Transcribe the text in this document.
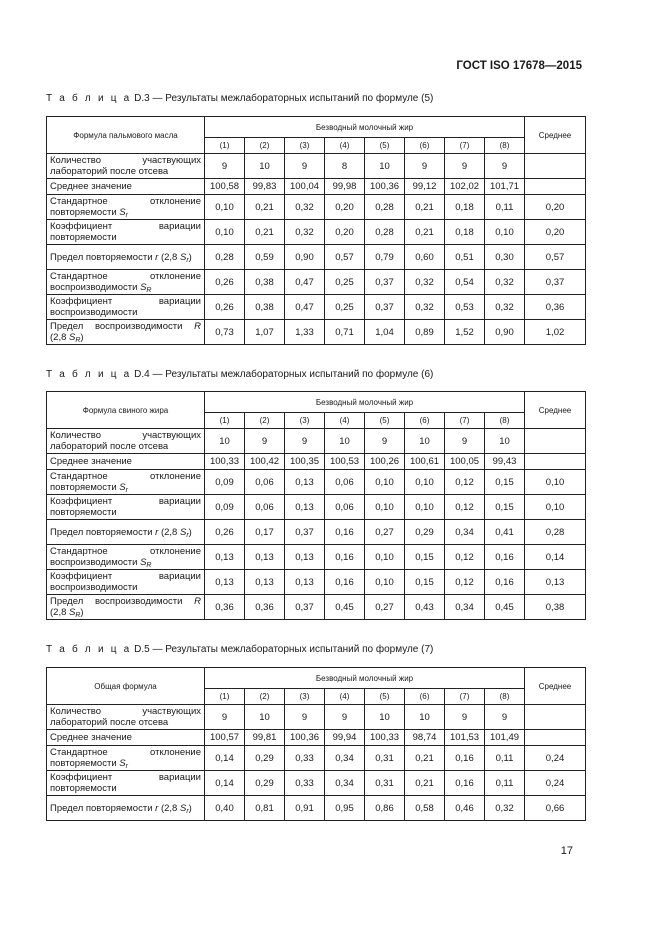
ГОСТ ISO 17678—2015
Т а б л и ц а D.3 — Результаты межлабораторных испытаний по формуле (5)
Формула пальмового масла	Безводный молочный жир								Среднее
	(1)	(2)	(3)	(4)	(5)	(6)	(7)	(8)	
Количество участвующих лабораторий после отсева	9	10	9	8	10	9	9	9	
Среднее значение	100,58	99,83	100,04	99,98	100,36	99,12	102,02	101,71	
Стандартное отклонение повторяемости $S_r$	0,10	0,21	0,32	0,20	0,28	0,21	0,18	0,11	0,20
Коэффициент вариации повторяемости	0,10	0,21	0,32	0,20	0,28	0,21	0,18	0,10	0,20
Предел повторяемости r (2,8 $S_r$)	0,28	0,59	0,90	0,57	0,79	0,60	0,51	0,30	0,57
Стандартное отклонение воспроизводимости $S_R$	0,26	0,38	0,47	0,25	0,37	0,32	0,54	0,32	0,37
Коэффициент вариации воспроизводимости	0,26	0,38	0,47	0,25	0,37	0,32	0,53	0,32	0,36
Предел воспроизводимости R (2,8 $S_R$)	0,73	1,07	1,33	0,71	1,04	0,89	1,52	0,90	1,02
Т а б л и ц а D.4 — Результаты межлабораторных испытаний по формуле (6)
Формула свиного жира	Безводный молочный жир								Среднее
	(1)	(2)	(3)	(4)	(5)	(6)	(7)	(8)	
Количество участвующих лабораторий после отсева	10	9	9	10	9	10	9	10	
Среднее значение	100,33	100,42	100,35	100,53	100,26	100,61	100,05	99,43	
Стандартное отклонение повторяемости $S_r$	0,09	0,06	0,13	0,06	0,10	0,10	0,12	0,15	0,10
Коэффициент вариации повторяемости	0,09	0,06	0,13	0,06	0,10	0,10	0,12	0,15	0,10
Предел повторяемости r (2,8 $S_r$)	0,26	0,17	0,37	0,16	0,27	0,29	0,34	0,41	0,28
Стандартное отклонение воспроизводимости $S_R$	0,13	0,13	0,13	0,16	0,10	0,15	0,12	0,16	0,14
Коэффициент вариации воспроизводимости	0,13	0,13	0,13	0,16	0,10	0,15	0,12	0,16	0,13
Предел воспроизводимости R (2,8 $S_R$)	0,36	0,36	0,37	0,45	0,27	0,43	0,34	0,45	0,38
Т а б л и ц а D.5 — Результаты межлабораторных испытаний по формуле (7)
Общая формула	Безводный молочный жир								Среднее
	(1)	(2)	(3)	(4)	(5)	(6)	(7)	(8)	
Количество участвующих лабораторий после отсева	9	10	9	9	10	10	9	9	
Среднее значение	100,57	99,81	100,36	99,94	100,33	98,74	101,53	101,49	
Стандартное отклонение повторяемости $S_r$	0,14	0,29	0,33	0,34	0,31	0,21	0,16	0,11	0,24
Коэффициент вариации повторяемости	0,14	0,29	0,33	0,34	0,31	0,21	0,16	0,11	0,24
Предел повторяемости r (2,8 $S_r$)	0,40	0,81	0,91	0,95	0,86	0,58	0,46	0,32	0,66
17
